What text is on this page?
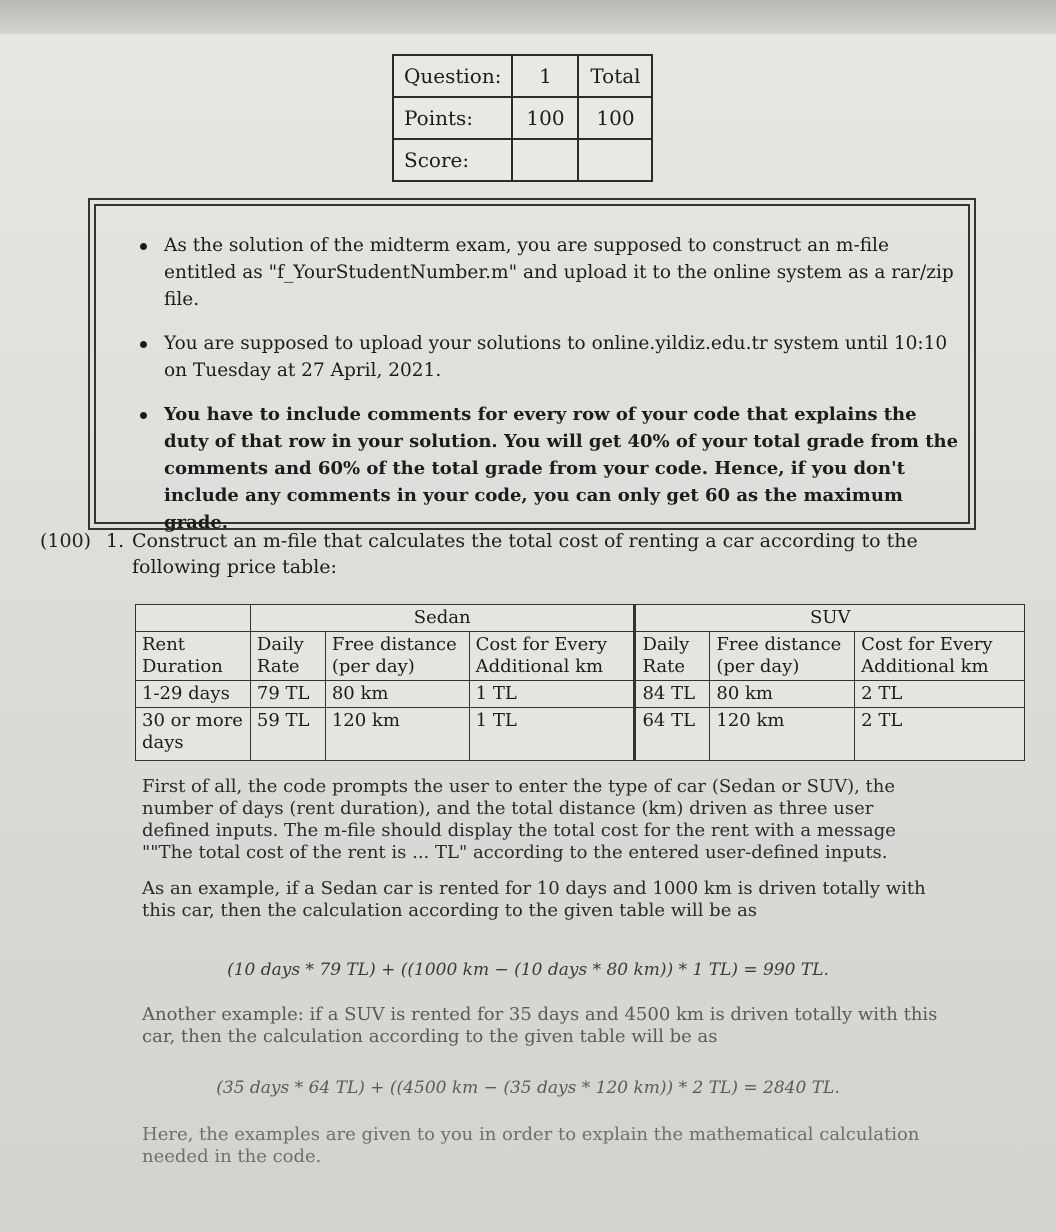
Question:	1	Total
Points:	100	100
Score:		
As the solution of the midterm exam, you are supposed to construct an m-file entitled as "f_YourStudentNumber.m" and upload it to the online system as a rar/zip file.
You are supposed to upload your solutions to online.yildiz.edu.tr system until 10:10 on Tuesday at 27 April, 2021.
You have to include comments for every row of your code that explains the duty of that row in your solution. You will get 40% of your total grade from the comments and 60% of the total grade from your code. Hence, if you don't include any comments in your code, you can only get 60 as the maximum grade.
(100) 1. Construct an m-file that calculates the total cost of renting a car according to the following price table:
	Sedan			SUV		
Rent Duration	Daily Rate	Free distance (per day)	Cost for Every Additional km	Daily Rate	Free distance (per day)	Cost for Every Additional km
1-29 days	79 TL	80 km	1 TL	84 TL	80 km	2 TL
30 or more days	59 TL	120 km	1 TL	64 TL	120 km	2 TL
First of all, the code prompts the user to enter the type of car (Sedan or SUV), the number of days (rent duration), and the total distance (km) driven as three user defined inputs. The m-file should display the total cost for the rent with a message ""The total cost of the rent is ... TL" according to the entered user-defined inputs.
As an example, if a Sedan car is rented for 10 days and 1000 km is driven totally with this car, then the calculation according to the given table will be as
(10 days * 79 TL) + ((1000 km − (10 days * 80 km)) * 1 TL) = 990 TL.
Another example: if a SUV is rented for 35 days and 4500 km is driven totally with this car, then the calculation according to the given table will be as
(35 days * 64 TL) + ((4500 km − (35 days * 120 km)) * 2 TL) = 2840 TL.
Here, the examples are given to you in order to explain the mathematical calculation needed in the code.
